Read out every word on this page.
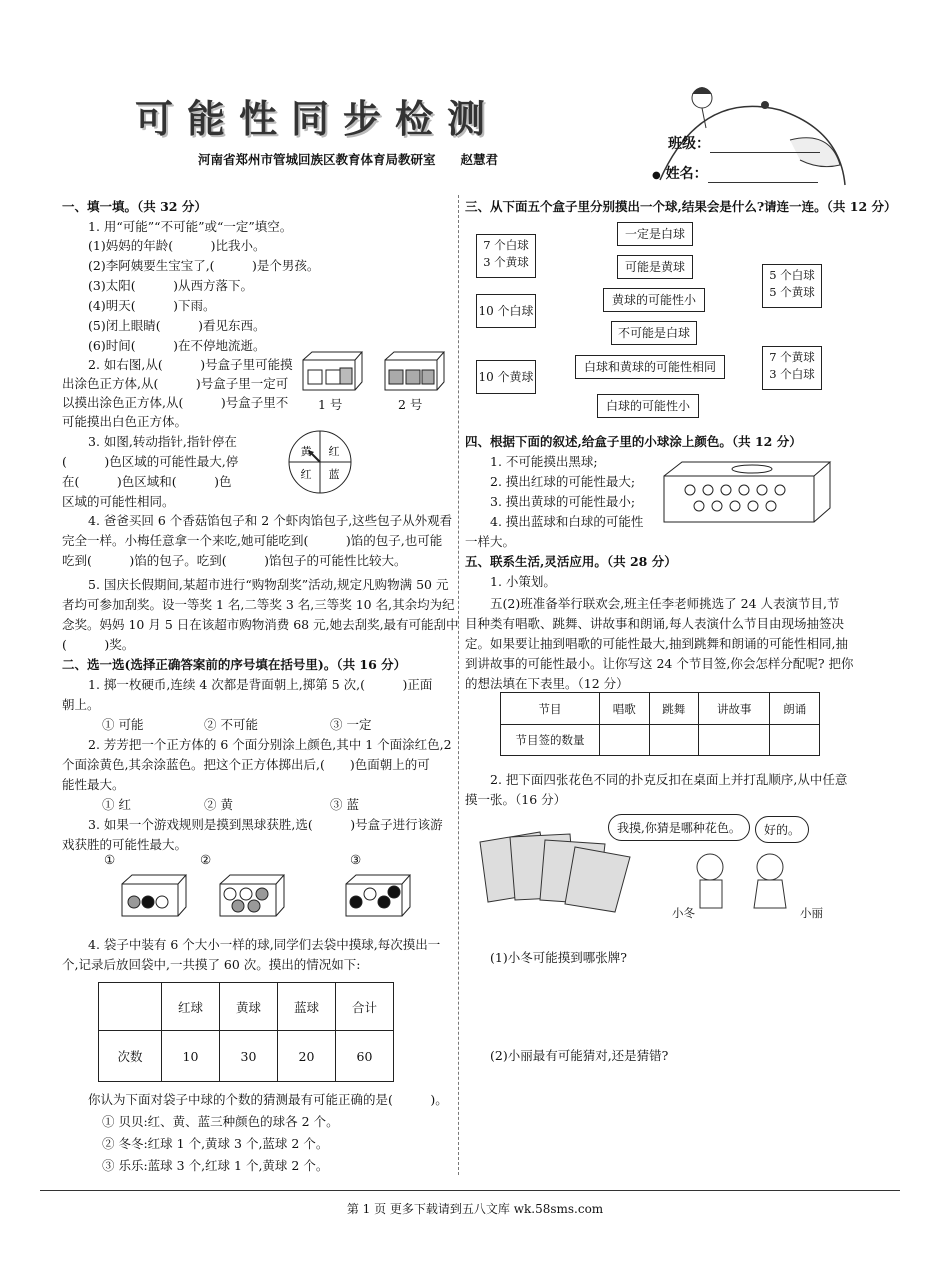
可能性同步检测
河南省郑州市管城回族区教育体育局教研室　　赵慧君
班级：
● 姓名：
一、填一填。（共 32 分）
1. 用“可能”“不可能”或“一定”填空。
(1)妈妈的年龄(　　　)比我小。
(2)李阿姨要生宝宝了,(　　　)是个男孩。
(3)太阳(　　　)从西方落下。
(4)明天(　　　)下雨。
(5)闭上眼睛(　　　)看见东西。
(6)时间(　　　)在不停地流逝。
2. 如右图,从(　　　)号盒子里可能摸
出涂色正方体,从(　　　)号盒子里一定可
以摸出涂色正方体,从(　　　)号盒子里不
可能摸出白色正方体。
1 号	2 号
3. 如图,转动指针,指针停在
(　　　)色区域的可能性最大,停
在(　　　)色区域和(　　　)色
区域的可能性相同。
红
黄
红 蓝
4. 爸爸买回 6 个香菇馅包子和 2 个虾肉馅包子,这些包子从外观看
完全一样。小梅任意拿一个来吃,她可能吃到(　　　)馅的包子,也可能
吃到(　　　)馅的包子。吃到(　　　)馅包子的可能性比较大。
5. 国庆长假期间,某超市进行“购物刮奖”活动,规定凡购物满 50 元
者均可参加刮奖。设一等奖 1 名,二等奖 3 名,三等奖 10 名,其余均为纪
念奖。妈妈 10 月 5 日在该超市购物消费 68 元,她去刮奖,最有可能刮中
(　　　)奖。
二、选一选(选择正确答案前的序号填在括号里)。（共 16 分）
1. 掷一枚硬币,连续 4 次都是背面朝上,掷第 5 次,(　　　)正面
朝上。
① 可能	② 不可能	③ 一定
2. 芳芳把一个正方体的 6 个面分别涂上颜色,其中 1 个面涂红色,2
个面涂黄色,其余涂蓝色。把这个正方体掷出后,(　　)色面朝上的可
能性最大。
① 红	② 黄	③ 蓝
3. 如果一个游戏规则是摸到黑球获胜,选(　　　)号盒子进行该游
戏获胜的可能性最大。
①	②	③
4. 袋子中装有 6 个大小一样的球,同学们去袋中摸球,每次摸出一
个,记录后放回袋中,一共摸了 60 次。摸出的情况如下:
	红球	黄球	蓝球	合计
次数	10	30	20	60
你认为下面对袋子中球的个数的猜测最有可能正确的是(　　　)。
① 贝贝:红、黄、蓝三种颜色的球各 2 个。
② 冬冬:红球 1 个,黄球 3 个,蓝球 2 个。
③ 乐乐:蓝球 3 个,红球 1 个,黄球 2 个。
三、从下面五个盒子里分别摸出一个球,结果会是什么?请连一连。（共 12 分）
7 个白球
3 个黄球
10 个白球
10 个黄球
一定是白球
可能是黄球
黄球的可能性小
不可能是白球
白球和黄球的可能性相同
白球的可能性小
5 个白球
5 个黄球
7 个黄球
3 个白球
四、根据下面的叙述,给盒子里的小球涂上颜色。（共 12 分）
1. 不可能摸出黑球;
2. 摸出红球的可能性最大;
3. 摸出黄球的可能性最小;
4. 摸出蓝球和白球的可能性
一样大。
五、联系生活,灵活应用。（共 28 分）
1. 小策划。
五(2)班准备举行联欢会,班主任李老师挑选了 24 人表演节目,节
目种类有唱歌、跳舞、讲故事和朗诵,每人表演什么节目由现场抽签决
定。如果要让抽到唱歌的可能性最大,抽到跳舞和朗诵的可能性相同,抽
到讲故事的可能性最小。让你写这 24 个节目签,你会怎样分配呢? 把你
的想法填在下表里。（12 分）
节目	唱歌	跳舞	讲故事	朗诵
节目签的数量				
2. 把下面四张花色不同的扑克反扣在桌面上并打乱顺序,从中任意
摸一张。（16 分）
我摸,你猜是哪种花色。	好的。
小冬	小丽
(1)小冬可能摸到哪张牌?
(2)小丽最有可能猜对,还是猜错?
第 1 页 更多下载请到五八文库 wk.58sms.com
